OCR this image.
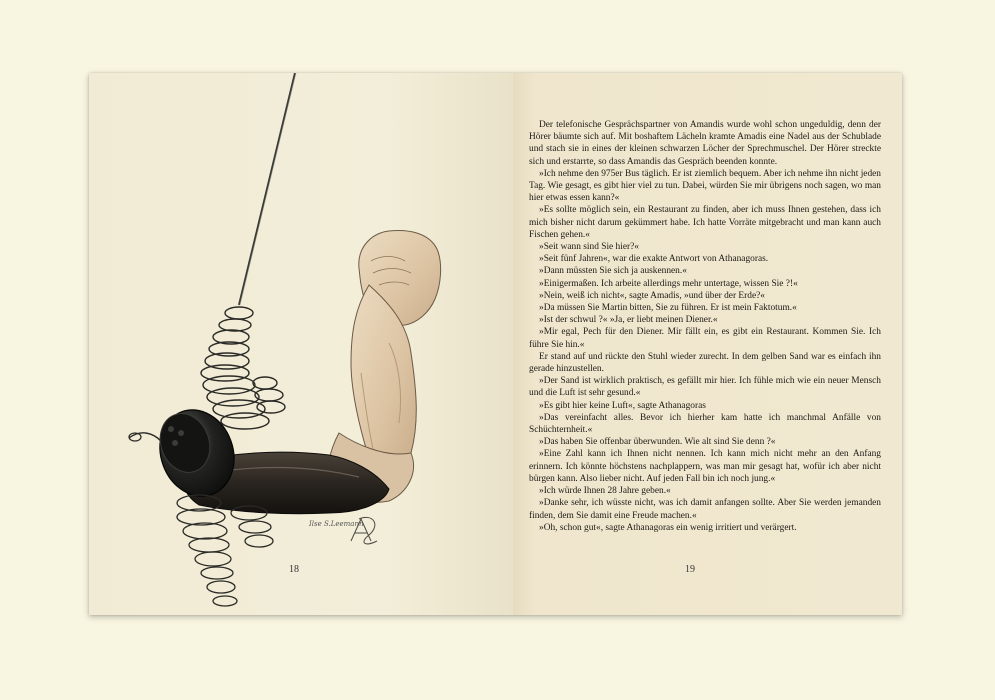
Ilse S.Leemann
18

Der telefonische Gesprächspartner von Amandis wurde wohl schon ungeduldig, denn der Hörer bäumte sich auf. Mit boshaftem Lächeln kramte Amadis eine Nadel aus der Schublade und stach sie in eines der kleinen schwarzen Löcher der Sprechmuschel. Der Hörer streckte sich und erstarrte, so dass Amandis das Gespräch beenden konnte.

»Ich nehme den 975er Bus täglich. Er ist ziemlich bequem. Aber ich nehme ihn nicht jeden Tag. Wie gesagt, es gibt hier viel zu tun. Dabei, würden Sie mir übrigens noch sagen, wo man hier etwas essen kann?«

»Es sollte möglich sein, ein Restaurant zu finden, aber ich muss Ihnen gestehen, dass ich mich bisher nicht darum gekümmert habe. Ich hatte Vorräte mitgebracht und man kann auch Fischen gehen.«

»Seit wann sind Sie hier?«

»Seit fünf Jahren«, war die exakte Antwort von Athanagoras.

»Dann müssten Sie sich ja auskennen.«

»Einigermaßen. Ich arbeite allerdings mehr untertage, wissen Sie ?!«

»Nein, weiß ich nicht«, sagte Amadis, »und über der Erde?«

»Da müssen Sie Martin bitten, Sie zu führen. Er ist mein Faktotum.«

»Ist der schwul ?« »Ja, er liebt meinen Diener.«

»Mir egal, Pech für den Diener. Mir fällt ein, es gibt ein Restaurant. Kommen Sie. Ich führe Sie hin.«

Er stand auf und rückte den Stuhl wieder zurecht. In dem gelben Sand war es einfach ihn gerade hinzustellen.

»Der Sand ist wirklich praktisch, es gefällt mir hier. Ich fühle mich wie ein neuer Mensch und die Luft ist sehr gesund.«

»Es gibt hier keine Luft«, sagte Athanagoras

»Das vereinfacht alles. Bevor ich hierher kam hatte ich manchmal Anfälle von Schüchternheit.«

»Das haben Sie offenbar überwunden. Wie alt sind Sie denn ?«

»Eine Zahl kann ich Ihnen nicht nennen. Ich kann mich nicht mehr an den Anfang erinnern. Ich könnte höchstens nachplappern, was man mir gesagt hat, wofür ich aber nicht bürgen kann. Also lieber nicht. Auf jeden Fall bin ich noch jung.«

»Ich würde Ihnen 28 Jahre geben.«

»Danke sehr, ich wüsste nicht, was ich damit anfangen sollte. Aber Sie werden jemanden finden, dem Sie damit eine Freude machen.«

»Oh, schon gut«, sagte Athanagoras ein wenig irritiert und verärgert.

19
